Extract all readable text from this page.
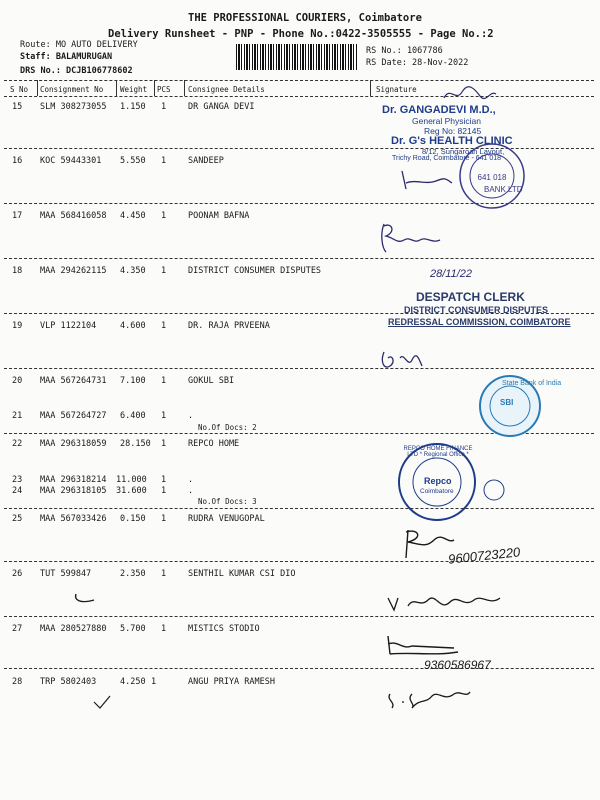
THE PROFESSIONAL COURIERS, Coimbatore
Delivery Runsheet - PNP - Phone No.:0422-3505555 - Page No.:2
Route: MO AUTO DELIVERY
Staff: BALAMURUGAN
DRS No.: DCJB106778602
RS No.: 1067786
RS Date: 28-Nov-2022
S No Consignment No Weight PCS Consignee Details	Signature
15 SLM 308273055 1.150 1	DR GANGA DEVI
16 KOC 59443301 5.550 1	SANDEEP
17 MAA 568416058 4.450 1	POONAM BAFNA
18 MAA 294262115 4.350 1	DISTRICT CONSUMER DISPUTES
19 VLP 1122104	4.600 1	DR. RAJA PRVEENA
20 MAA 567264731 7.100 1	GOKUL SBI
21 MAA 567264727 6.400 1	.
No.Of Docs: 2
22 MAA 296318059 28.150 1	REPCO HOME
23 MAA 296318214 11.000 1	.
24 MAA 296318105 31.600 1	.
No.Of Docs: 3
25 MAA 567033426 0.150 1	RUDRA VENUGOPAL
26 TUT 599847	2.350 1	SENTHIL KUMAR CSI DIO
27 MAA 280527880 5.700 1	MISTICS STODIO
28 TRP 5802403	4.250 1	ANGU PRIYA RAMESH
Dr. GANGADEVI M.D.,
General Physician
Reg No: 82145
Dr. G's HEALTH CLINIC
8/12, Sungaroan Layout,
Trichy Road, Coimbatore - 641 018
641 018
BANK LTD
28/11/22
DESPATCH CLERK
DISTRICT CONSUMER DISPUTES
REDRESSAL COMMISSION, COIMBATORE
State Bank of India
SBI
REPCO HOME FINANCE LTD * Regional Office *
Repco
Coimbatore
9600723220
9360586967
